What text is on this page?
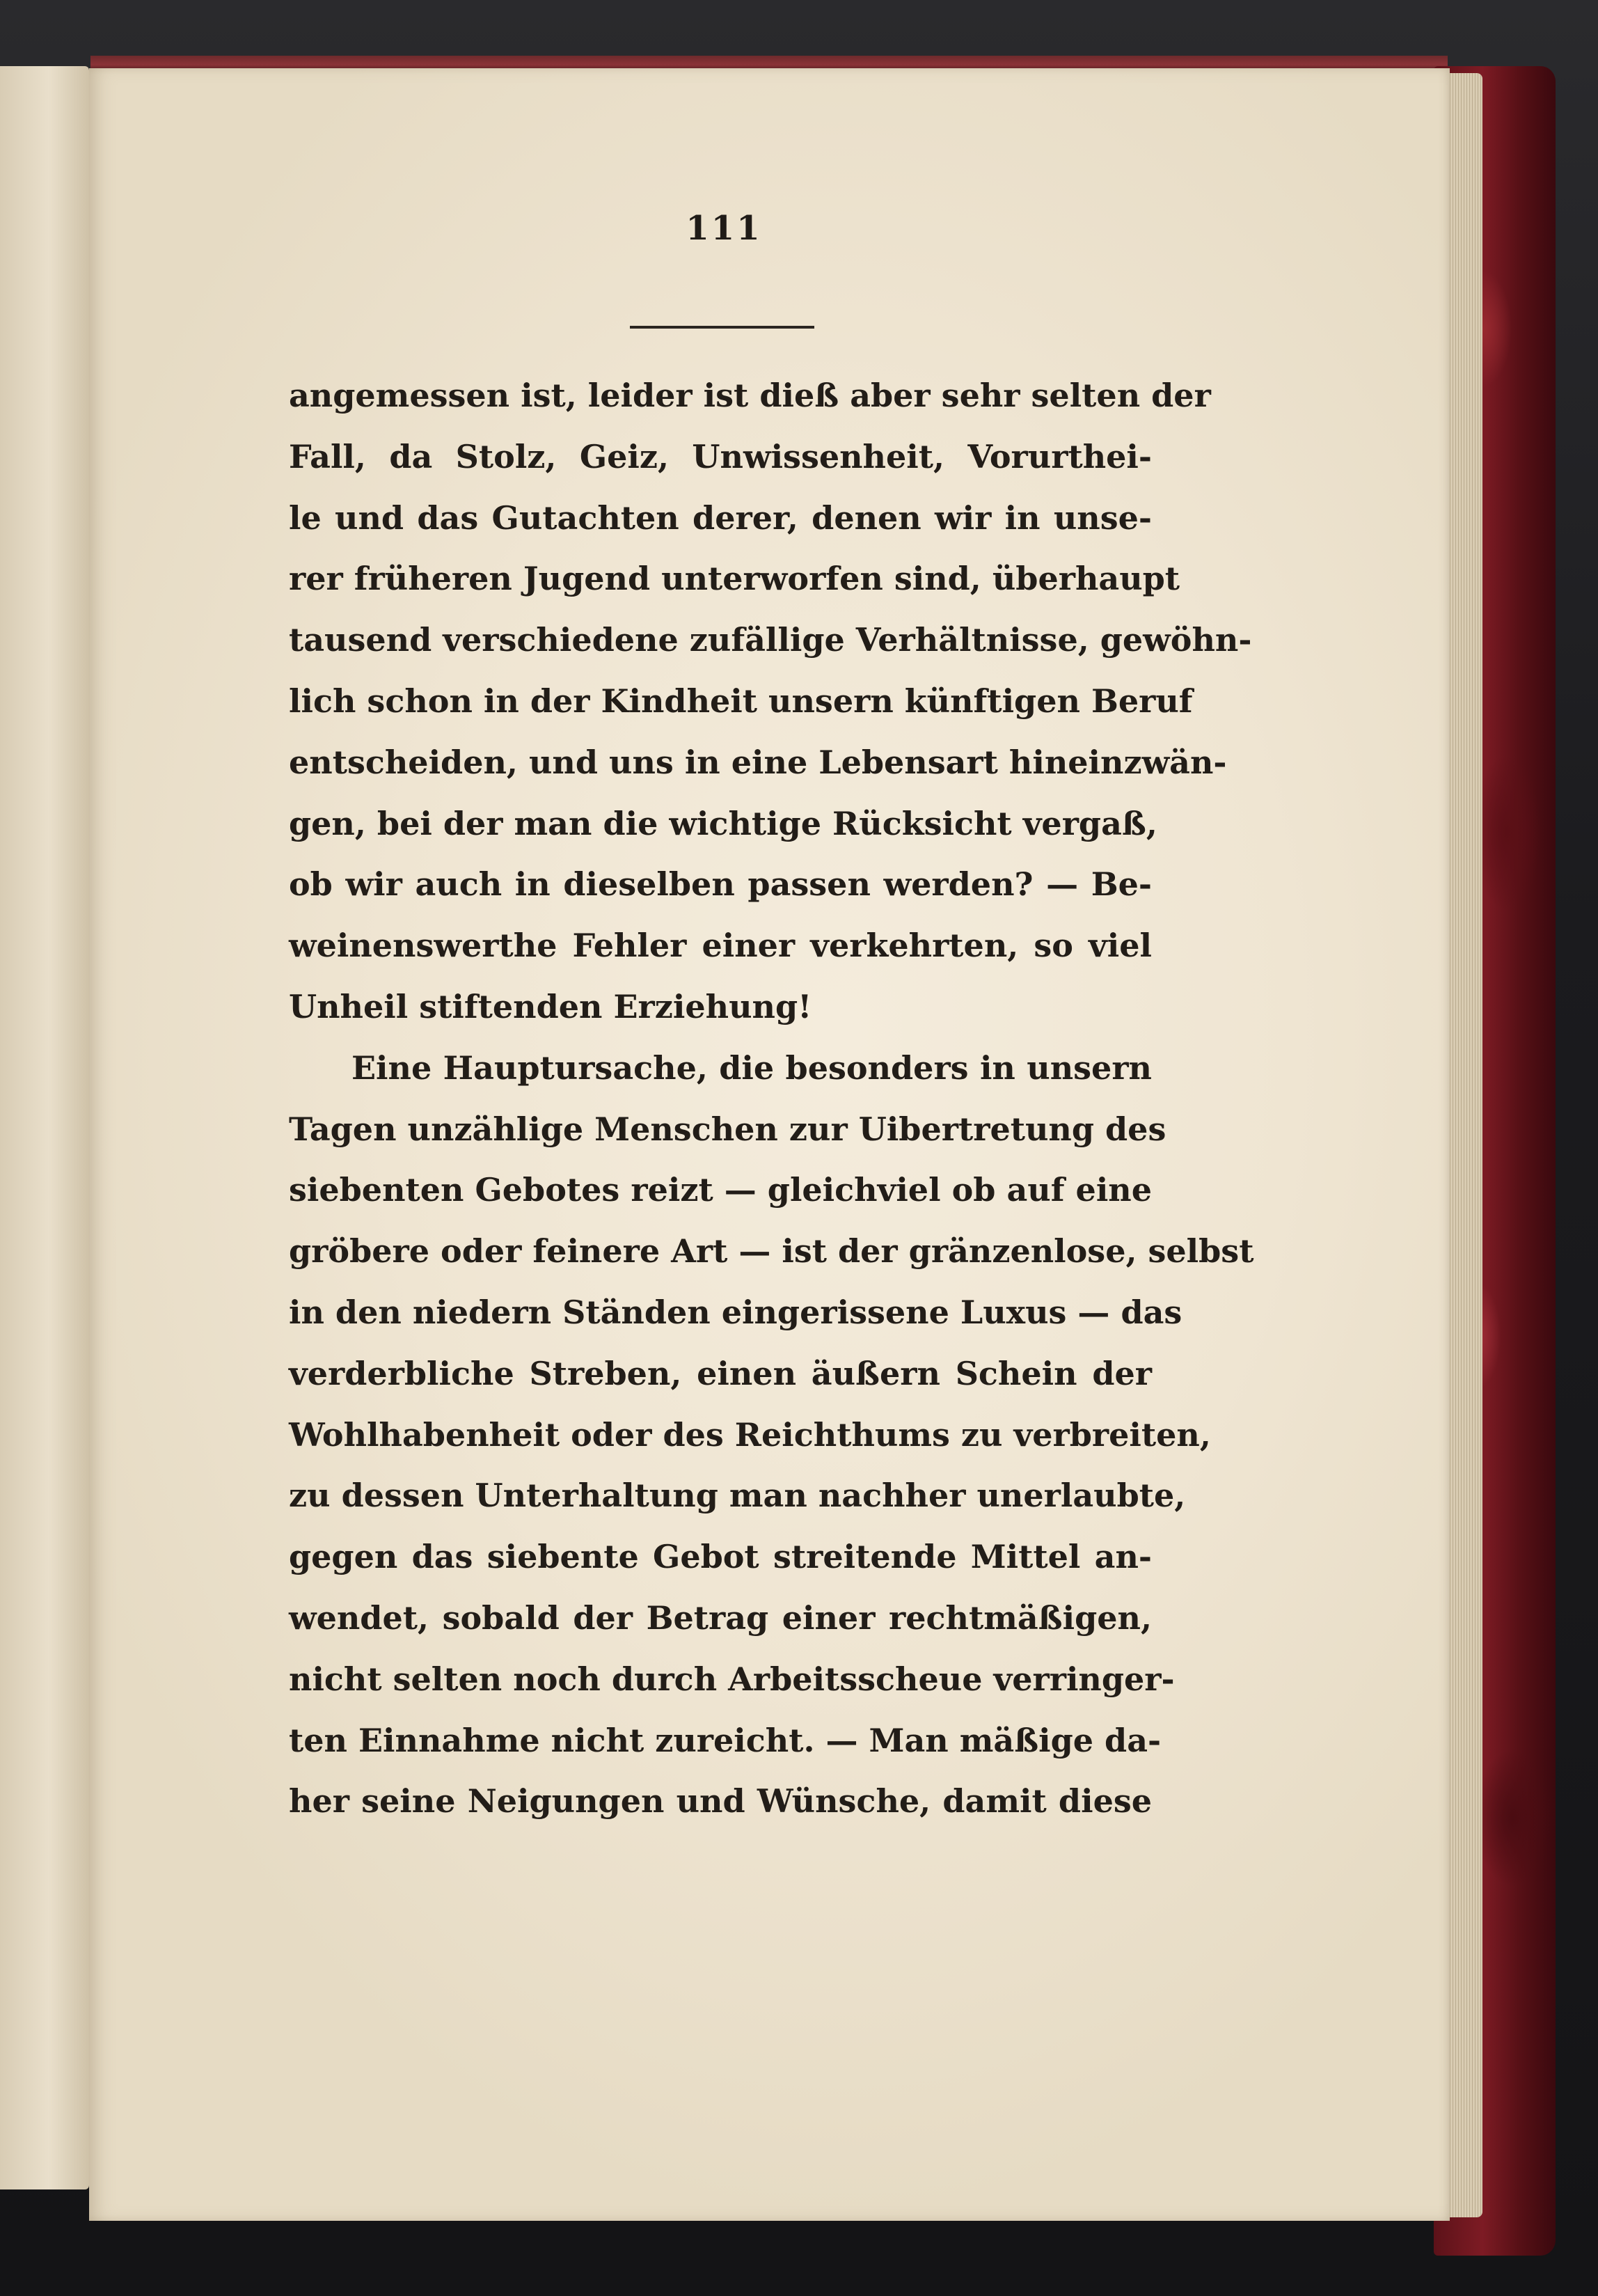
111
angemessen ist, leider ist dieß aber sehr selten der
Fall, da Stolz, Geiz, Unwissenheit, Vorurthei-
le und das Gutachten derer, denen wir in unse-
rer früheren Jugend unterworfen sind, überhaupt
tausend verschiedene zufällige Verhältnisse, gewöhn-
lich schon in der Kindheit unsern künftigen Beruf
entscheiden, und uns in eine Lebensart hineinzwän-
gen, bei der man die wichtige Rücksicht vergaß,
ob wir auch in dieselben passen werden? — Be-
weinenswerthe Fehler einer verkehrten, so viel
Unheil stiftenden Erziehung!
Eine Hauptursache, die besonders in unsern
Tagen unzählige Menschen zur Uibertretung des
siebenten Gebotes reizt — gleichviel ob auf eine
gröbere oder feinere Art — ist der gränzenlose, selbst
in den niedern Ständen eingerissene Luxus — das
verderbliche Streben, einen äußern Schein der
Wohlhabenheit oder des Reichthums zu verbreiten,
zu dessen Unterhaltung man nachher unerlaubte,
gegen das siebente Gebot streitende Mittel an-
wendet, sobald der Betrag einer rechtmäßigen,
nicht selten noch durch Arbeitsscheue verringer-
ten Einnahme nicht zureicht. — Man mäßige da-
her seine Neigungen und Wünsche, damit diese
